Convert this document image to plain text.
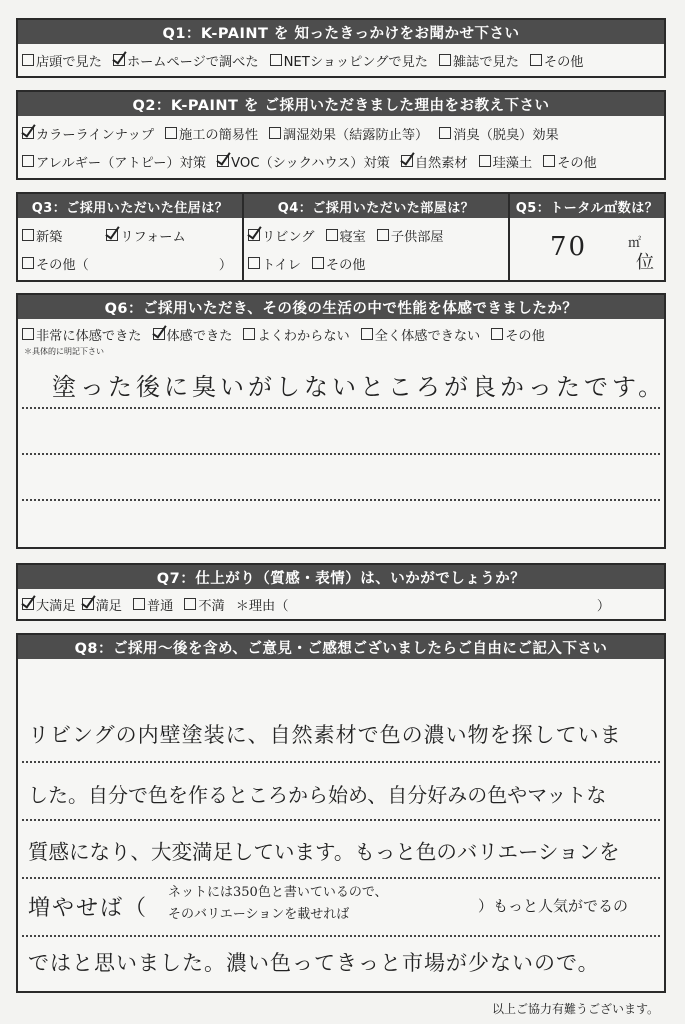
Q1：K-PAINT を 知ったきっかけをお聞かせ下さい
店頭で見た ホームページで調べた NETショッピングで見た 雑誌で見た その他
Q2：K-PAINT を ご採用いただきました理由をお教え下さい
カラーラインナップ 施工の簡易性 調湿効果（結露防止等） 消臭（脱臭）効果
アレルギー（アトピー）対策 VOC（シックハウス）対策 自然素材 珪藻土 その他
Q3：ご採用いただいた住居は？
新築	リフォーム
その他（	）
Q4：ご採用いただいた部屋は？
リビング 寝室 子供部屋
トイレ その他
Q5：トータル㎡数は？
70	㎡
位
Q6：ご採用いただき、その後の生活の中で性能を体感できましたか？
非常に体感できた 体感できた よくわからない 全く体感できない その他
＊具体的に明記下さい
塗った後に臭いがしないところが良かったです。
Q7：仕上がり（質感・表情）は、いかがでしょうか？
大満足 満足 普通 不満 ＊理由（	）
Q8：ご採用〜後を含め、ご意見・ご感想ございましたらご自由にご記入下さい
リビングの内壁塗装に、自然素材で色の濃い物を探していま
した。自分で色を作るところから始め、自分好みの色やマットな
質感になり、大変満足しています。もっと色のバリエーションを
増やせば（
ネットには350色と書いているので、
そのバリエーションを載せれば	）もっと人気がでるの
ではと思いました。濃い色ってきっと市場が少ないので。
以上ご協力有難うございます。
